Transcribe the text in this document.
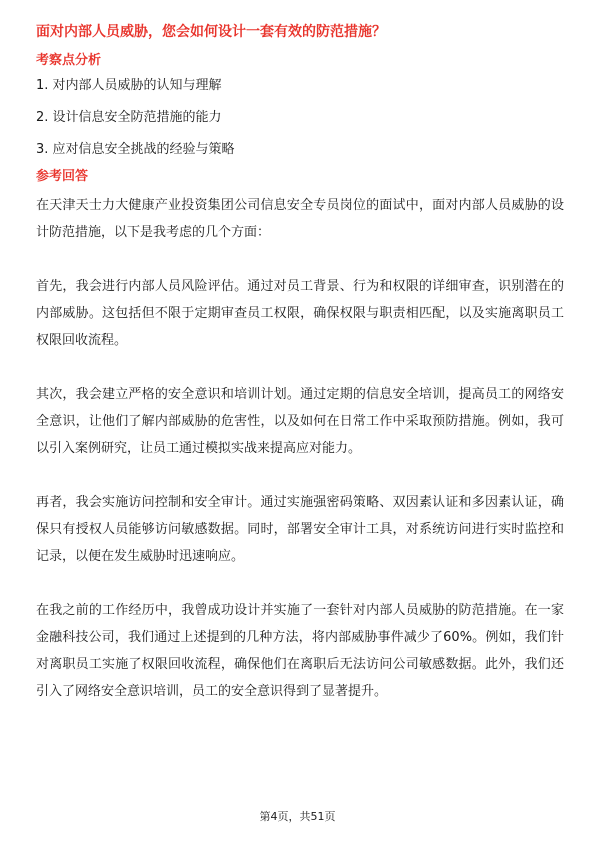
面对内部人员威胁，您会如何设计一套有效的防范措施？
考察点分析
1. 对内部人员威胁的认知与理解
2. 设计信息安全防范措施的能力
3. 应对信息安全挑战的经验与策略
参考回答

在天津天士力大健康产业投资集团公司信息安全专员岗位的面试中，面对内部人员威胁的设计防范措施，以下是我考虑的几个方面：

首先，我会进行内部人员风险评估。通过对员工背景、行为和权限的详细审查，识别潜在的内部威胁。这包括但不限于定期审查员工权限，确保权限与职责相匹配，以及实施离职员工权限回收流程。

其次，我会建立严格的安全意识和培训计划。通过定期的信息安全培训，提高员工的网络安全意识，让他们了解内部威胁的危害性，以及如何在日常工作中采取预防措施。例如，我可以引入案例研究，让员工通过模拟实战来提高应对能力。

再者，我会实施访问控制和安全审计。通过实施强密码策略、双因素认证和多因素认证，确保只有授权人员能够访问敏感数据。同时，部署安全审计工具，对系统访问进行实时监控和记录，以便在发生威胁时迅速响应。

在我之前的工作经历中，我曾成功设计并实施了一套针对内部人员威胁的防范措施。在一家金融科技公司，我们通过上述提到的几种方法，将内部威胁事件减少了60%。例如，我们针对离职员工实施了权限回收流程，确保他们在离职后无法访问公司敏感数据。此外，我们还引入了网络安全意识培训，员工的安全意识得到了显著提升。

第4页，共51页
